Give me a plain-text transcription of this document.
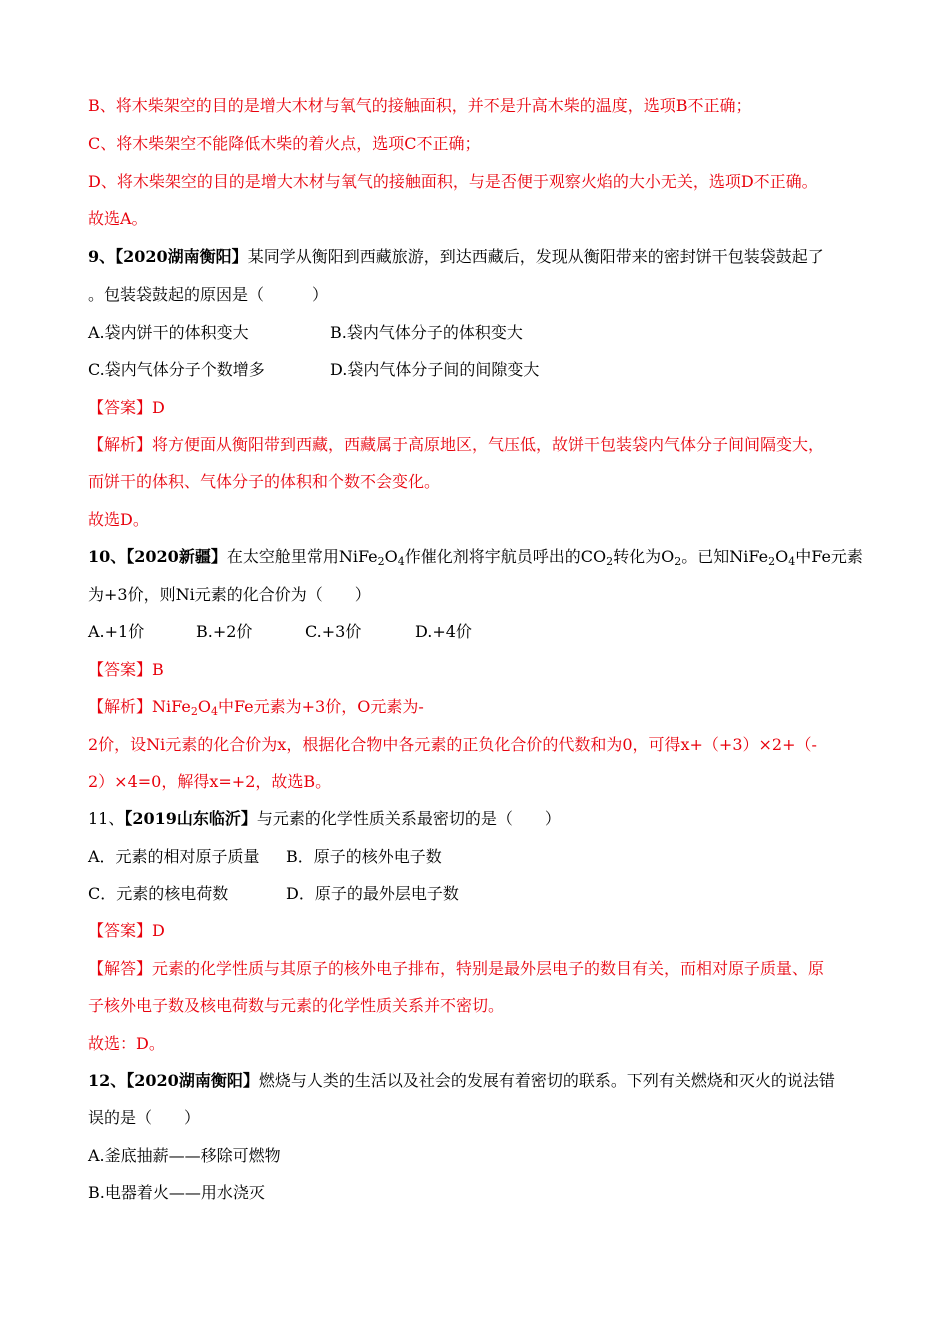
B、将木柴架空的目的是增大木材与氧气的接触面积，并不是升高木柴的温度，选项B不正确；
C、将木柴架空不能降低木柴的着火点，选项C不正确；
D、将木柴架空的目的是增大木材与氧气的接触面积，与是否便于观察火焰的大小无关，选项D不正确。
故选A。
9、【2020湖南衡阳】某同学从衡阳到西藏旅游，到达西藏后，发现从衡阳带来的密封饼干包装袋鼓起了
。包装袋鼓起的原因是（　　　）
A.袋内饼干的体积变大	B.袋内气体分子的体积变大
C.袋内气体分子个数增多	D.袋内气体分子间的间隙变大
【答案】D
【解析】将方便面从衡阳带到西藏，西藏属于高原地区，气压低，故饼干包装袋内气体分子间间隔变大，
而饼干的体积、气体分子的体积和个数不会变化。
故选D。
10、【2020新疆】在太空舱里常用$NiFe_2O_4$作催化剂将宇航员呼出的$CO_2$转化为$O_2$。已知$NiFe_2O_4$中Fe元素
为+3价，则Ni元素的化合价为（　　）
A.+1价	B.+2价	C.+3价	D.+4价
【答案】B
【解析】$NiFe_2O_4$中Fe元素为+3价，O元素为-
2价，设Ni元素的化合价为x，根据化合物中各元素的正负化合价的代数和为0，可得x+（+3）×2+（-
2）×4=0，解得x=+2，故选B。
11、【2019山东临沂】与元素的化学性质关系最密切的是（　　）
A．元素的相对原子质量 B．原子的核外电子数
C．元素的核电荷数	D．原子的最外层电子数
【答案】D
【解答】元素的化学性质与其原子的核外电子排布，特别是最外层电子的数目有关，而相对原子质量、原
子核外电子数及核电荷数与元素的化学性质关系并不密切。
故选：D。
12、【2020湖南衡阳】燃烧与人类的生活以及社会的发展有着密切的联系。下列有关燃烧和灭火的说法错
误的是（　　）
A.釜底抽薪——移除可燃物
B.电器着火——用水浇灭
